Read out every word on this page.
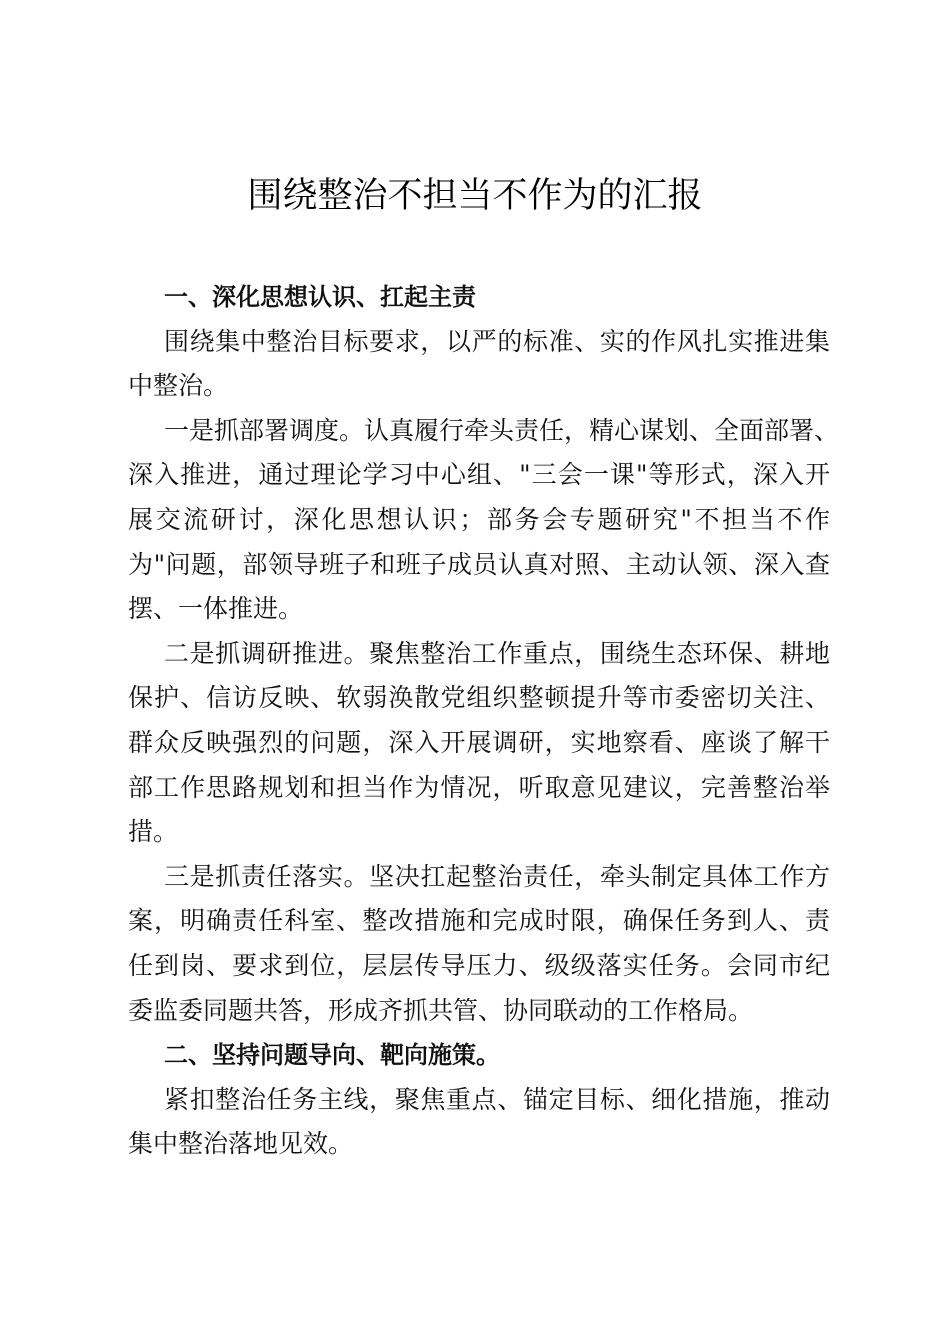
围绕整治不担当不作为的汇报
一、深化思想认识、扛起主责
围绕集中整治目标要求，以严的标准、实的作风扎实推进集
中整治。
一是抓部署调度。认真履行牵头责任，精心谋划、全面部署、
深入推进，通过理论学习中心组、"三会一课"等形式，深入开
展交流研讨，深化思想认识；部务会专题研究"不担当不作
为"问题，部领导班子和班子成员认真对照、主动认领、深入查
摆、一体推进。
二是抓调研推进。聚焦整治工作重点，围绕生态环保、耕地
保护、信访反映、软弱涣散党组织整顿提升等市委密切关注、
群众反映强烈的问题，深入开展调研，实地察看、座谈了解干
部工作思路规划和担当作为情况，听取意见建议，完善整治举
措。
三是抓责任落实。坚决扛起整治责任，牵头制定具体工作方
案，明确责任科室、整改措施和完成时限，确保任务到人、责
任到岗、要求到位，层层传导压力、级级落实任务。会同市纪
委监委同题共答，形成齐抓共管、协同联动的工作格局。
二、坚持问题导向、靶向施策。
紧扣整治任务主线，聚焦重点、锚定目标、细化措施，推动
集中整治落地见效。
